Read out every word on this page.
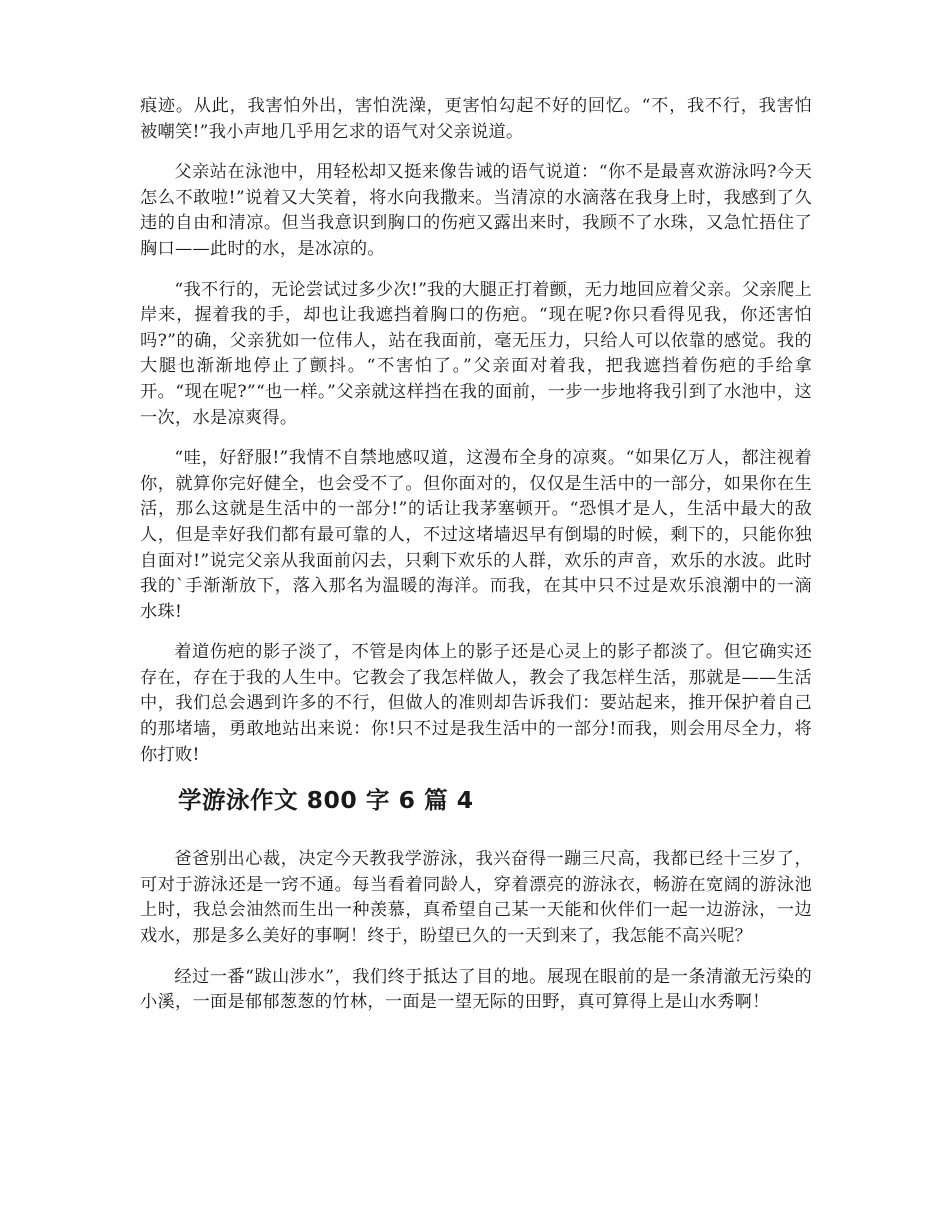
痕迹。从此，我害怕外出，害怕洗澡，更害怕勾起不好的回忆。“不，我不行，我害怕被嘲笑!”我小声地几乎用乞求的语气对父亲说道。

父亲站在泳池中，用轻松却又挺来像告诫的语气说道：“你不是最喜欢游泳吗?今天怎么不敢啦!”说着又大笑着，将水向我撒来。当清凉的水滴落在我身上时，我感到了久违的自由和清凉。但当我意识到胸口的伤疤又露出来时，我顾不了水珠，又急忙捂住了胸口——此时的水，是冰凉的。

“我不行的，无论尝试过多少次!”我的大腿正打着颤，无力地回应着父亲。父亲爬上岸来，握着我的手，却也让我遮挡着胸口的伤疤。“现在呢?你只看得见我，你还害怕吗?”的确，父亲犹如一位伟人，站在我面前，毫无压力，只给人可以依靠的感觉。我的大腿也渐渐地停止了颤抖。“不害怕了。”父亲面对着我，把我遮挡着伤疤的手给拿开。“现在呢?”“也一样。”父亲就这样挡在我的面前，一步一步地将我引到了水池中，这一次，水是凉爽得。

“哇，好舒服!”我情不自禁地感叹道，这漫布全身的凉爽。“如果亿万人，都注视着你，就算你完好健全，也会受不了。但你面对的，仅仅是生活中的一部分，如果你在生活，那么这就是生活中的一部分!”的话让我茅塞顿开。“恐惧才是人，生活中最大的敌人，但是幸好我们都有最可靠的人，不过这堵墙迟早有倒塌的时候，剩下的，只能你独自面对!”说完父亲从我面前闪去，只剩下欢乐的人群，欢乐的声音，欢乐的水波。此时我的`手渐渐放下，落入那名为温暖的海洋。而我，在其中只不过是欢乐浪潮中的一滴水珠!

着道伤疤的影子淡了，不管是肉体上的影子还是心灵上的影子都淡了。但它确实还存在，存在于我的人生中。它教会了我怎样做人，教会了我怎样生活，那就是——生活中，我们总会遇到许多的不行，但做人的准则却告诉我们：要站起来，推开保护着自己的那堵墙，勇敢地站出来说：你!只不过是我生活中的一部分!而我，则会用尽全力，将你打败!

学游泳作文 800 字 6 篇 4

爸爸别出心裁，决定今天教我学游泳，我兴奋得一蹦三尺高，我都已经十三岁了，可对于游泳还是一窍不通。每当看着同龄人，穿着漂亮的游泳衣，畅游在宽阔的游泳池上时，我总会油然而生出一种羡慕，真希望自己某一天能和伙伴们一起一边游泳，一边戏水，那是多么美好的事啊！终于，盼望已久的一天到来了，我怎能不高兴呢？

经过一番“跋山涉水”，我们终于抵达了目的地。展现在眼前的是一条清澈无污染的小溪，一面是郁郁葱葱的竹林，一面是一望无际的田野，真可算得上是山水秀啊！
